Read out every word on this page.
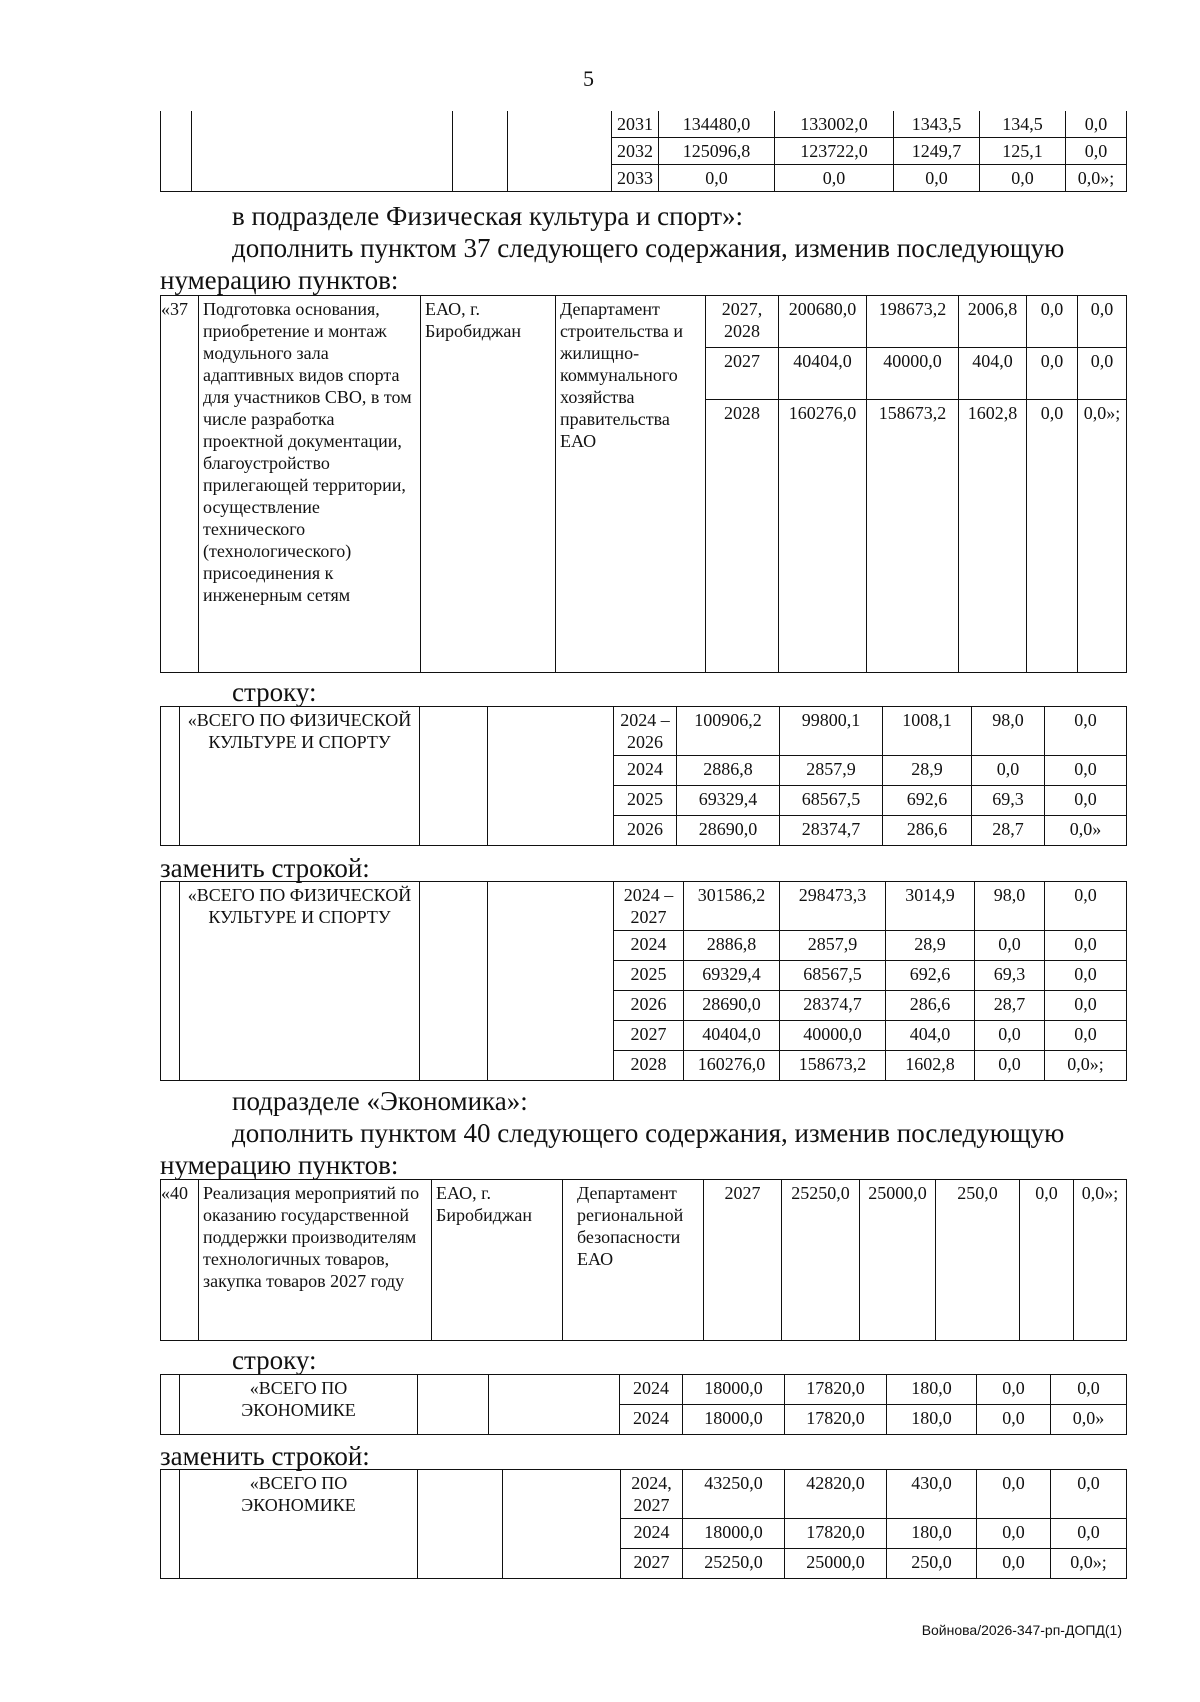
5
				2031	134480,0	133002,0	1343,5	134,5	0,0
				2032	125096,8	123722,0	1249,7	125,1	0,0
				2033	0,0	0,0	0,0	0,0	0,0»;
в подразделе Физическая культура и спорт»:
дополнить пунктом 37 следующего содержания, изменив последующую
нумерацию пунктов:
«37	Подготовка основания, приобретение и монтаж модульного зала адаптивных видов спорта для участников СВО, в том числе разработка проектной документации, благоустройство прилегающей территории, осуществление технического (технологического) присоединения к инженерным сетям	ЕАО, г. Биробиджан	Департамент строительства и жилищно-коммунального хозяйства правительства ЕАО	2027, 2028	200680,0	198673,2	2006,8	0,0	0,0
				2027	40404,0	40000,0	404,0	0,0	0,0
				2028	160276,0	158673,2	1602,8	0,0	0,0»;
строку:
	«ВСЕГО ПО ФИЗИЧЕСКОЙ КУЛЬТУРЕ И СПОРТУ			2024 – 2026	100906,2	99800,1	1008,1	98,0	0,0
				2024	2886,8	2857,9	28,9	0,0	0,0
				2025	69329,4	68567,5	692,6	69,3	0,0
				2026	28690,0	28374,7	286,6	28,7	0,0»
заменить строкой:
	«ВСЕГО ПО ФИЗИЧЕСКОЙ КУЛЬТУРЕ И СПОРТУ			2024 – 2027	301586,2	298473,3	3014,9	98,0	0,0
				2024	2886,8	2857,9	28,9	0,0	0,0
				2025	69329,4	68567,5	692,6	69,3	0,0
				2026	28690,0	28374,7	286,6	28,7	0,0
				2027	40404,0	40000,0	404,0	0,0	0,0
				2028	160276,0	158673,2	1602,8	0,0	0,0»;
подразделе «Экономика»:
дополнить пунктом 40 следующего содержания, изменив последующую
нумерацию пунктов:
«40	Реализация мероприятий по оказанию государственной поддержки производителям технологичных товаров, закупка товаров 2027 году	ЕАО, г. Биробиджан	Департамент региональной безопасности ЕАО	2027	25250,0	25000,0	250,0	0,0	0,0»;
строку:
	«ВСЕГО ПО ЭКОНОМИКЕ			2024	18000,0	17820,0	180,0	0,0	0,0
				2024	18000,0	17820,0	180,0	0,0	0,0»
заменить строкой:
	«ВСЕГО ПО ЭКОНОМИКЕ			2024, 2027	43250,0	42820,0	430,0	0,0	0,0
				2024	18000,0	17820,0	180,0	0,0	0,0
				2027	25250,0	25000,0	250,0	0,0	0,0»;
Войнова/2026-347-рп-ДОПД(1)
